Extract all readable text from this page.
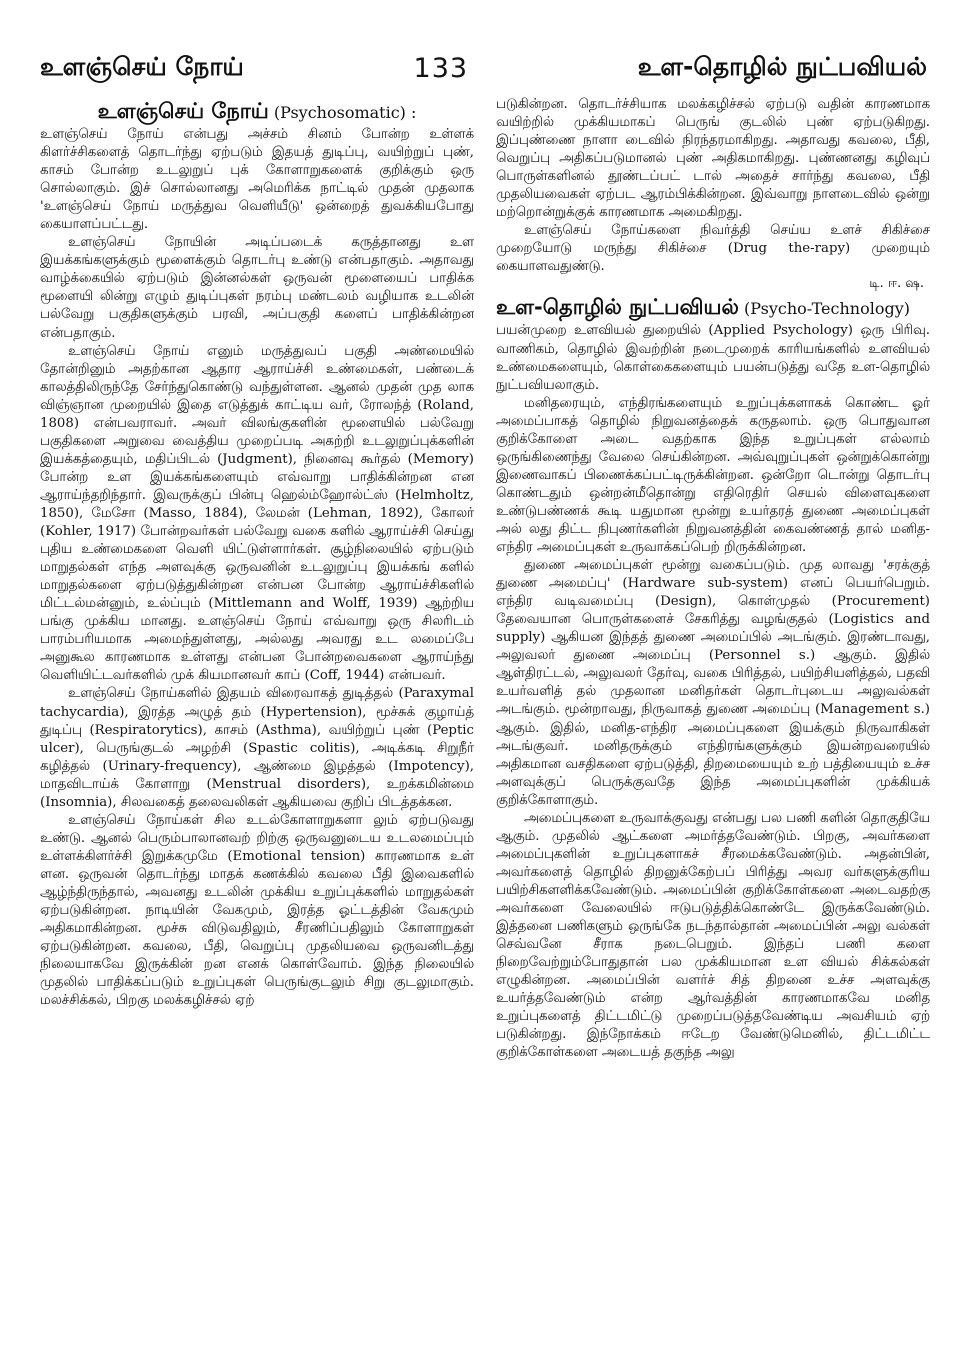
உளஞ்செய் நோய்	133	உள-தொழில் நுட்பவியல்
உளஞ்செய் நோய் (Psychosomatic) :

உளஞ்செய் நோய் என்பது அச்சம் சினம் போன்ற உள்ளக் கிளர்ச்சிகளைத் தொடர்ந்து ஏற்படும் இதயத் துடிப்பு, வயிற்றுப் புண், காசம் போன்ற உடலுறுப் புக் கோளாறுகளைக் குறிக்கும் ஒரு சொல்லாகும். இச் சொல்லானது அமெரிக்க நாட்டில் முதன் முதலாக 'உளஞ்செய் நோய் மருத்துவ வெளியீடு' ஒன்றைத் துவக்கியபோது கையாளப்பட்டது.

உளஞ்செய் நோயின் அடிப்படைக் கருத்தானது உள இயக்கங்களுக்கும் மூளைக்கும் தொடர்பு உண்டு என்பதாகும். அதாவது வாழ்க்கையில் ஏற்படும் இன்னல்கள் ஒருவன் மூளையைப் பாதிக்க மூளையி லின்று எழும் துடிப்புகள் நரம்பு மண்டலம் வழியாக உடலின் பல்வேறு பகுதிகளுக்கும் பரவி, அப்பகுதி களைப் பாதிக்கின்றன என்பதாகும்.

உளஞ்செய் நோய் எனும் மருத்துவப் பகுதி அண்மையில் தோன்றினும் அதற்கான ஆதார ஆராய்ச்சி உண்மைகள், பண்டைக் காலத்திலிருந்தே சேர்ந்துகொண்டு வந்துள்ளன. ஆனல் முதன் முத லாக விஞ்ஞான முறையில் இதை எடுத்துக் காட்டிய வர், ரோலந்த் (Roland, 1808) என்பவராவர். அவர் விலங்குகளின் மூளையில் பல்வேறு பகுதிகளை அறுவை வைத்திய முறைப்படி அகற்றி உடலுறுப்புக்களின் இயக்கத்தையும், மதிப்பிடல் (Judgment), நினைவு கூர்தல் (Memory) போன்ற உள இயக்கங்களையும் எவ்வாறு பாதிக்கின்றன என ஆராய்ந்தறிந்தார். இவருக்குப் பின்பு ஹெல்ம்ஹோல்ட்ஸ் (Helmholtz, 1850), மேசோ (Masso, 1884), லேமன் (Lehman, 1892), கோலர் (Kohler, 1917) போன்றவர்கள் பல்வேறு வகை களில் ஆராய்ச்சி செய்து புதிய உண்மைகளை வெளி யிட்டுள்ளார்கள். சூழ்நிலையில் ஏற்படும் மாறுதல்கள் எந்த அளவுக்கு ஒருவனின் உடலுறுப்பு இயக்கங் களில் மாறுதல்களை ஏற்படுத்துகின்றன என்பன போன்ற ஆராய்ச்சிகளில் மிட்டல்மன்னும், உல்ப்பும் (Mittlemann and Wolff, 1939) ஆற்றிய பங்கு முக்கிய மானது. உளஞ்செய் நோய் எவ்வாறு ஒரு சிலரிடம் பாரம்பரியமாக அமைந்துள்ளது, அல்லது அவரது உட லமைப்பே அனுகூல காரணமாக உள்ளது என்பன போன்றவைகளை ஆராய்ந்து வெளியிட்டவர்களில் முக் கியமானவர் காப் (Coff, 1944) என்பவர்.

உளஞ்செய் நோய்களில் இதயம் விரைவாகத் துடித்தல் (Paraxymal tachycardia), இரத்த அழுத் தம் (Hypertension), மூச்சுக் குழாய்த் துடிப்பு (Respiratorytics), காசம் (Asthma), வயிற்றுப் புண் (Peptic ulcer), பெருங்குடல் அழற்சி (Spastic colitis), அடிக்கடி சிறுநீர் கழித்தல் (Urinary-frequency), ஆண்மை இழத்தல் (Impotency), மாதவிடாய்க் கோளாறு (Menstrual disorders), உறக்கமின்மை (Insomnia), சிலவகைத் தலைவலிகள் ஆகியவை குறிப் பிடத்தக்கன.

உளஞ்செய் நோய்கள் சில உடல்கோளாறுகளா லும் ஏற்படுவது உண்டு. ஆனல் பெரும்பாலானவற் றிற்கு ஒருவனுடைய உடலமைப்பும் உள்ளக்கிளர்ச்சி இறுக்கமுமே (Emotional tension) காரணமாக உள் ளன. ஒருவன் தொடர்ந்து மாதக் கணக்கில் கவலை பீதி இவைகளில் ஆழ்ந்திருந்தால், அவனது உடலின் முக்கிய உறுப்புக்களில் மாறுதல்கள் ஏற்படுகின்றன. நாடியின் வேகமும், இரத்த ஓட்டத்தின் வேகமும் அதிகமாகின்றன. மூச்சு விடுவதிலும், சீரணிப்பதிலும் கோளாறுகள் ஏற்படுகின்றன. கவலை, பீதி, வெறுப்பு முதலியவை ஒருவனிடத்து நிலையாகவே இருக்கின் றன எனக் கொள்வோம். இந்த நிலையில் முதலில் பாதிக்கப்படும் உறுப்புகள் பெருங்குடலும் சிறு குடலுமாகும். மலச்சிக்கல், பிறகு மலக்கழிச்சல் ஏற்

படுகின்றன. தொடர்ச்சியாக மலக்கழிச்சல் ஏற்படு வதின் காரணமாக வயிற்றில் முக்கியமாகப் பெருங் குடலில் புண் ஏற்படுகிறது. இப்புண்ணை நாளா டைவில் நிரந்தரமாகிறது. அதாவது கவலை, பீதி, வெறுப்பு அதிகப்படுமானல் புண் அதிகமாகிறது. புண்ணனது கழிவுப் பொருள்களினல் தூண்டப்பட் டால் அதைச் சார்ந்து கவலை, பீதி முதலியவைகள் ஏற்பட ஆரம்பிக்கின்றன. இவ்வாறு நாளடைவில் ஒன்று மற்றொன்றுக்குக் காரணமாக அமைகிறது.

உளஞ்செய் நோய்களை நிவர்த்தி செய்ய உளச் சிகிச்சை முறையோடு மருந்து சிகிச்சை (Drug the-rapy) முறையும் கையாளவதுண்டு.

டி. ஈ. ஷ.
உள-தொழில் நுட்பவியல் (Psycho-Technology)

பயன்முறை உளவியல் துறையில் (Applied Psychology) ஒரு பிரிவு. வாணிகம், தொழில் இவற்றின் நடைமுறைக் காரியங்களில் உளவியல் உண்மைகளையும், கொள்கைகளையும் பயன்படுத்து வதே உள-தொழில் நுட்பவியலாகும்.

மனிதரையும், எந்திரங்களையும் உறுப்புக்களாகக் கொண்ட ஓர் அமைப்பாகத் தொழில் நிறுவனத்தைக் கருதலாம். ஒரு பொதுவான குறிக்கோளை அடை வதற்காக இந்த உறுப்புகள் எல்லாம் ஒருங்கிணைந்து வேலை செய்கின்றன. அவ்வுறுப்புகள் ஒன்றுக்கொன்று இணைவாகப் பிணைக்கப்பட்டிருக்கின்றன. ஒன்றோ டொன்று தொடர்பு கொண்டதும் ஒன்றன்மீதொன்று எதிரெதிர் செயல் விளைவுகளை உண்டுபண்ணக் கூடி யதுமான மூன்று உயர்தரத் துணை அமைப்புகள் அல் லது திட்ட நிபுணர்களின் நிறுவனத்தின் கைவண்ணத் தால் மனித-எந்திர அமைப்புகள் உருவாக்கப்பெற் றிருக்கின்றன.

துணை அமைப்புகள் மூன்று வகைப்படும். முத லாவது 'சரக்குத் துணை அமைப்பு' (Hardware sub-system) எனப் பெயர்பெறும். எந்திர வடிவமைப்பு (Design), கொள்முதல் (Procurement) தேவையான பொருள்களைச் சேகரித்து வழங்குதல் (Logistics and supply) ஆகியன இந்தத் துணை அமைப்பில் அடங்கும். இரண்டாவது, அலுவலர் துணை அமைப்பு (Personnel s.) ஆகும். இதில் ஆள்திரட்டல், அலுவலர் தேர்வு, வகை பிரித்தல், பயிற்சியளித்தல், பதவி உயர்வளித் தல் முதலான மனிதர்கள் தொடர்புடைய அலுவல்கள் அடங்கும். மூன்றாவது, நிருவாகத் துணை அமைப்பு (Management s.) ஆகும். இதில், மனித-எந்திர அமைப்புகளை இயக்கும் நிருவாகிகள் அடங்குவர். மனிதருக்கும் எந்திரங்களுக்கும் இயன்றவரையில் அதிகமான வசதிகளை ஏற்படுத்தி, திறமையையும் உற் பத்தியையும் உச்ச அளவுக்குப் பெருக்குவதே இந்த அமைப்புகளின் முக்கியக் குறிக்கோளாகும்.

அமைப்புகளை உருவாக்குவது என்பது பல பணி களின் தொகுதியே ஆகும். முதலில் ஆட்களை அமர்த்தவேண்டும். பிறகு, அவர்களை அமைப்புகளின் உறுப்புகளாகச் சீரமைக்கவேண்டும். அதன்பின், அவர்களைத் தொழில் திறனுக்கேற்பப் பிரித்து அவர வர்களுக்குரிய பயிற்சிகளளிக்கவேண்டும். அமைப்பின் குறிக்கோள்களை அடைவதற்கு அவர்களை வேலையில் ஈடுபடுத்திக்கொண்டே இருக்கவேண்டும். இத்தனை பணிகளும் ஒருங்கே நடந்தால்தான் அமைப்பின் அலு வல்கள் செவ்வனே சீராக நடைபெறும். இந்தப் பணி களை நிறைவேற்றும்போதுதான் பல முக்கியமான உள வியல் சிக்கல்கள் எழுகின்றன. அமைப்பின் வளர்ச் சித் திறனை உச்ச அளவுக்கு உயர்த்தவேண்டும் என்ற ஆர்வத்தின் காரணமாகவே மனித உறுப்புகளைத் திட்டமிட்டு முறைப்படுத்தவேண்டிய அவசியம் ஏற் படுகின்றது. இந்நோக்கம் ஈடேற வேண்டுமெனில், திட்டமிட்ட குறிக்கோள்களை அடையத் தகுந்த அலு
